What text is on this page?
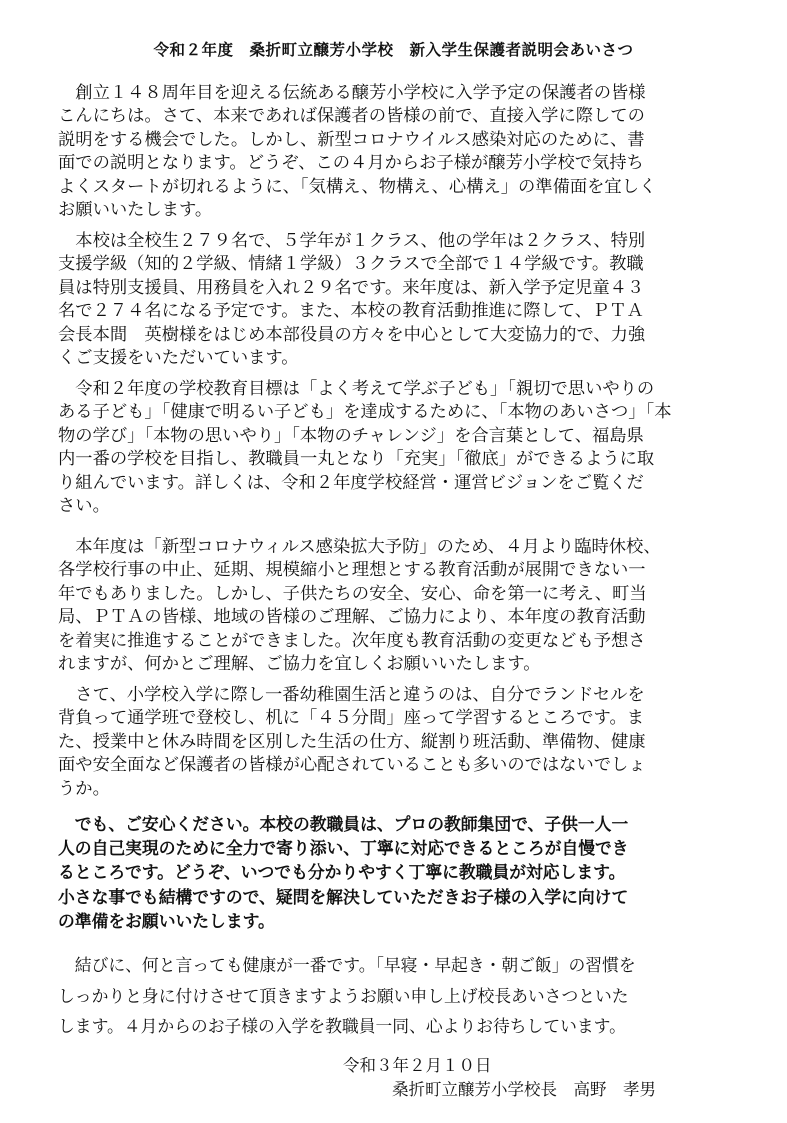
令和２年度　桑折町立醸芳小学校　新入学生保護者説明会あいさつ
　創立１４８周年目を迎える伝統ある醸芳小学校に入学予定の保護者の皆様
こんにちは。さて、本来であれば保護者の皆様の前で、直接入学に際しての
説明をする機会でした。しかし、新型コロナウイルス感染対応のために、書
面での説明となります。どうぞ、この４月からお子様が醸芳小学校で気持ち
よくスタートが切れるように、「気構え、物構え、心構え」の準備面を宜しく
お願いいたします。
　本校は全校生２７９名で、５学年が１クラス、他の学年は２クラス、特別
支援学級（知的２学級、情緒１学級）３クラスで全部で１４学級です。教職
員は特別支援員、用務員を入れ２９名です。来年度は、新入学予定児童４３
名で２７４名になる予定です。また、本校の教育活動推進に際して、ＰＴＡ
会長本間　英樹様をはじめ本部役員の方々を中心として大変協力的で、力強
くご支援をいただいています。
　令和２年度の学校教育目標は「よく考えて学ぶ子ども」「親切で思いやりの
ある子ども」「健康で明るい子ども」を達成するために、「本物のあいさつ」「本
物の学び」「本物の思いやり」「本物のチャレンジ」を合言葉として、福島県
内一番の学校を目指し、教職員一丸となり「充実」「徹底」ができるように取
り組んでいます。詳しくは、令和２年度学校経営・運営ビジョンをご覧くだ
さい。
　本年度は「新型コロナウィルス感染拡大予防」のため、４月より臨時休校、
各学校行事の中止、延期、規模縮小と理想とする教育活動が展開できない一
年でもありました。しかし、子供たちの安全、安心、命を第一に考え、町当
局、ＰＴＡの皆様、地域の皆様のご理解、ご協力により、本年度の教育活動
を着実に推進することができました。次年度も教育活動の変更なども予想さ
れますが、何かとご理解、ご協力を宜しくお願いいたします。
　さて、小学校入学に際し一番幼稚園生活と違うのは、自分でランドセルを
背負って通学班で登校し、机に「４５分間」座って学習するところです。ま
た、授業中と休み時間を区別した生活の仕方、縦割り班活動、準備物、健康
面や安全面など保護者の皆様が心配されていることも多いのではないでしょ
うか。
　でも、ご安心ください。本校の教職員は、プロの教師集団で、子供一人一
人の自己実現のために全力で寄り添い、丁寧に対応できるところが自慢でき
るところです。どうぞ、いつでも分かりやすく丁寧に教職員が対応します。
小さな事でも結構ですので、疑問を解決していただきお子様の入学に向けて
の準備をお願いいたします。
　結びに、何と言っても健康が一番です。「早寝・早起き・朝ご飯」の習慣を
しっかりと身に付けさせて頂きますようお願い申し上げ校長あいさつといた
します。４月からのお子様の入学を教職員一同、心よりお待ちしています。
令和３年２月１０日
桑折町立醸芳小学校長　高野　孝男
